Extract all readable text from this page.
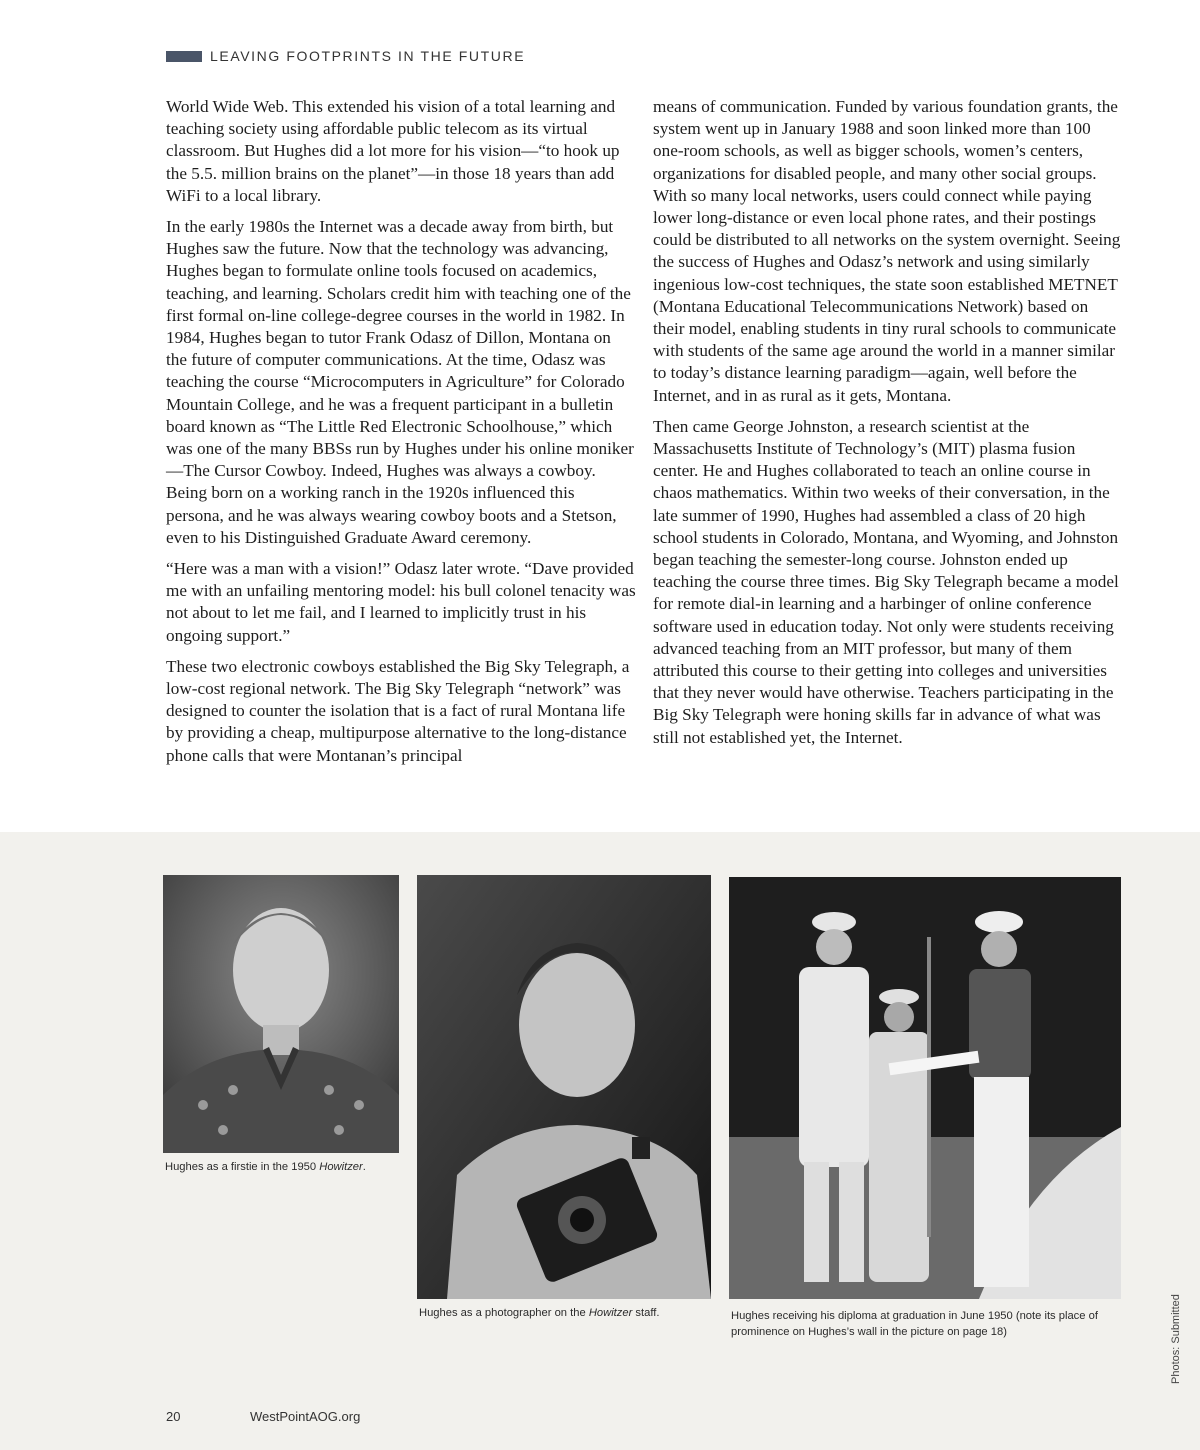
LEAVING FOOTPRINTS IN THE FUTURE

World Wide Web. This extended his vision of a total learning and teaching society using affordable public telecom as its virtual classroom. But Hughes did a lot more for his vision—“to hook up the 5.5. million brains on the planet”—in those 18 years than add WiFi to a local library.

In the early 1980s the Internet was a decade away from birth, but Hughes saw the future. Now that the technology was advancing, Hughes began to formulate online tools focused on academics, teaching, and learning. Scholars credit him with teaching one of the first formal on-line college-degree courses in the world in 1982. In 1984, Hughes began to tutor Frank Odasz of Dillon, Montana on the future of computer communications. At the time, Odasz was teaching the course “Microcomputers in Agriculture” for Colorado Mountain College, and he was a frequent participant in a bulletin board known as “The Little Red Electronic Schoolhouse,” which was one of the many BBSs run by Hughes under his online moniker—The Cursor Cowboy. Indeed, Hughes was always a cowboy. Being born on a working ranch in the 1920s influenced this persona, and he was always wearing cowboy boots and a Stetson, even to his Distinguished Graduate Award ceremony.

“Here was a man with a vision!” Odasz later wrote. “Dave provided me with an unfailing mentoring model: his bull colonel tenacity was not about to let me fail, and I learned to implicitly trust in his ongoing support.”

These two electronic cowboys established the Big Sky Telegraph, a low-cost regional network. The Big Sky Telegraph “network” was designed to counter the isolation that is a fact of rural Montana life by providing a cheap, multipurpose alternative to the long-distance phone calls that were Montanan’s principal

means of communication. Funded by various foundation grants, the system went up in January 1988 and soon linked more than 100 one-room schools, as well as bigger schools, women’s centers, organizations for disabled people, and many other social groups. With so many local networks, users could connect while paying lower long-distance or even local phone rates, and their postings could be distributed to all networks on the system overnight. Seeing the success of Hughes and Odasz’s network and using similarly ingenious low-cost techniques, the state soon established METNET (Montana Educational Telecommunications Network) based on their model, enabling students in tiny rural schools to communicate with students of the same age around the world in a manner similar to today’s distance learning paradigm—again, well before the Internet, and in as rural as it gets, Montana.

Then came George Johnston, a research scientist at the Massachusetts Institute of Technology’s (MIT) plasma fusion center. He and Hughes collaborated to teach an online course in chaos mathematics. Within two weeks of their conversation, in the late summer of 1990, Hughes had assembled a class of 20 high school students in Colorado, Montana, and Wyoming, and Johnston began teaching the semester-long course. Johnston ended up teaching the course three times. Big Sky Telegraph became a model for remote dial-in learning and a harbinger of online conference software used in education today. Not only were students receiving advanced teaching from an MIT professor, but many of them attributed this course to their getting into colleges and universities that they never would have otherwise. Teachers participating in the Big Sky Telegraph were honing skills far in advance of what was still not established yet, the Internet.

Hughes as a firstie in the 1950 Howitzer.
Hughes as a photographer on the Howitzer staff.	Hughes receiving his diploma at graduation in June 1950 (note its place of prominence on Hughes’s wall in the picture on page 18)	Photos: Submitted
20	WestPointAOG.org
